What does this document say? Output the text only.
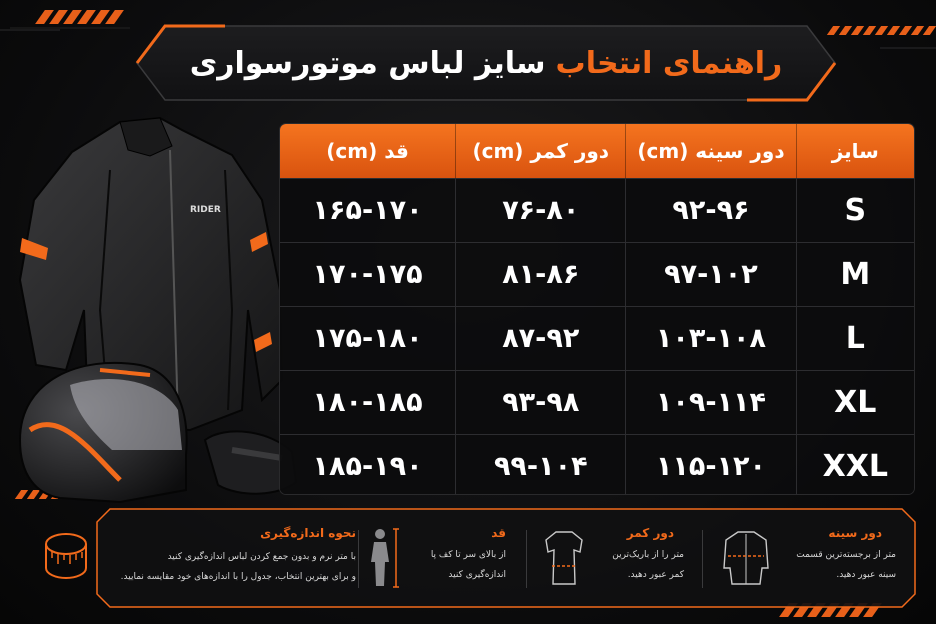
راهنمای انتخاب
سایز لباس موتورسواری
RIDER
سایز
دور سینه (cm)
دور کمر (cm)
قد (cm)
S
۹۲-۹۶
۷۶-۸۰
۱۶۵-۱۷۰
M
۹۷-۱۰۲
۸۱-۸۶
۱۷۰-۱۷۵
L
۱۰۳-۱۰۸
۸۷-۹۲
۱۷۵-۱۸۰
XL
۱۰۹-۱۱۴
۹۳-۹۸
۱۸۰-۱۸۵
XXL
۱۱۵-۱۲۰
۹۹-۱۰۴
۱۸۵-۱۹۰
دور سینه
متر از برجسته‌ترین قسمت
سینه عبور دهید.
دور کمر
متر را از باریک‌ترین
کمر عبور دهید.
قد
از بالای سر تا کف پا
اندازه‌گیری کنید
نحوه اندازه‌گیری
با متر نرم و بدون جمع کردن لباس اندازه‌گیری کنید
و برای بهترین انتخاب، جدول را با اندازه‌های خود مقایسه نمایید.
